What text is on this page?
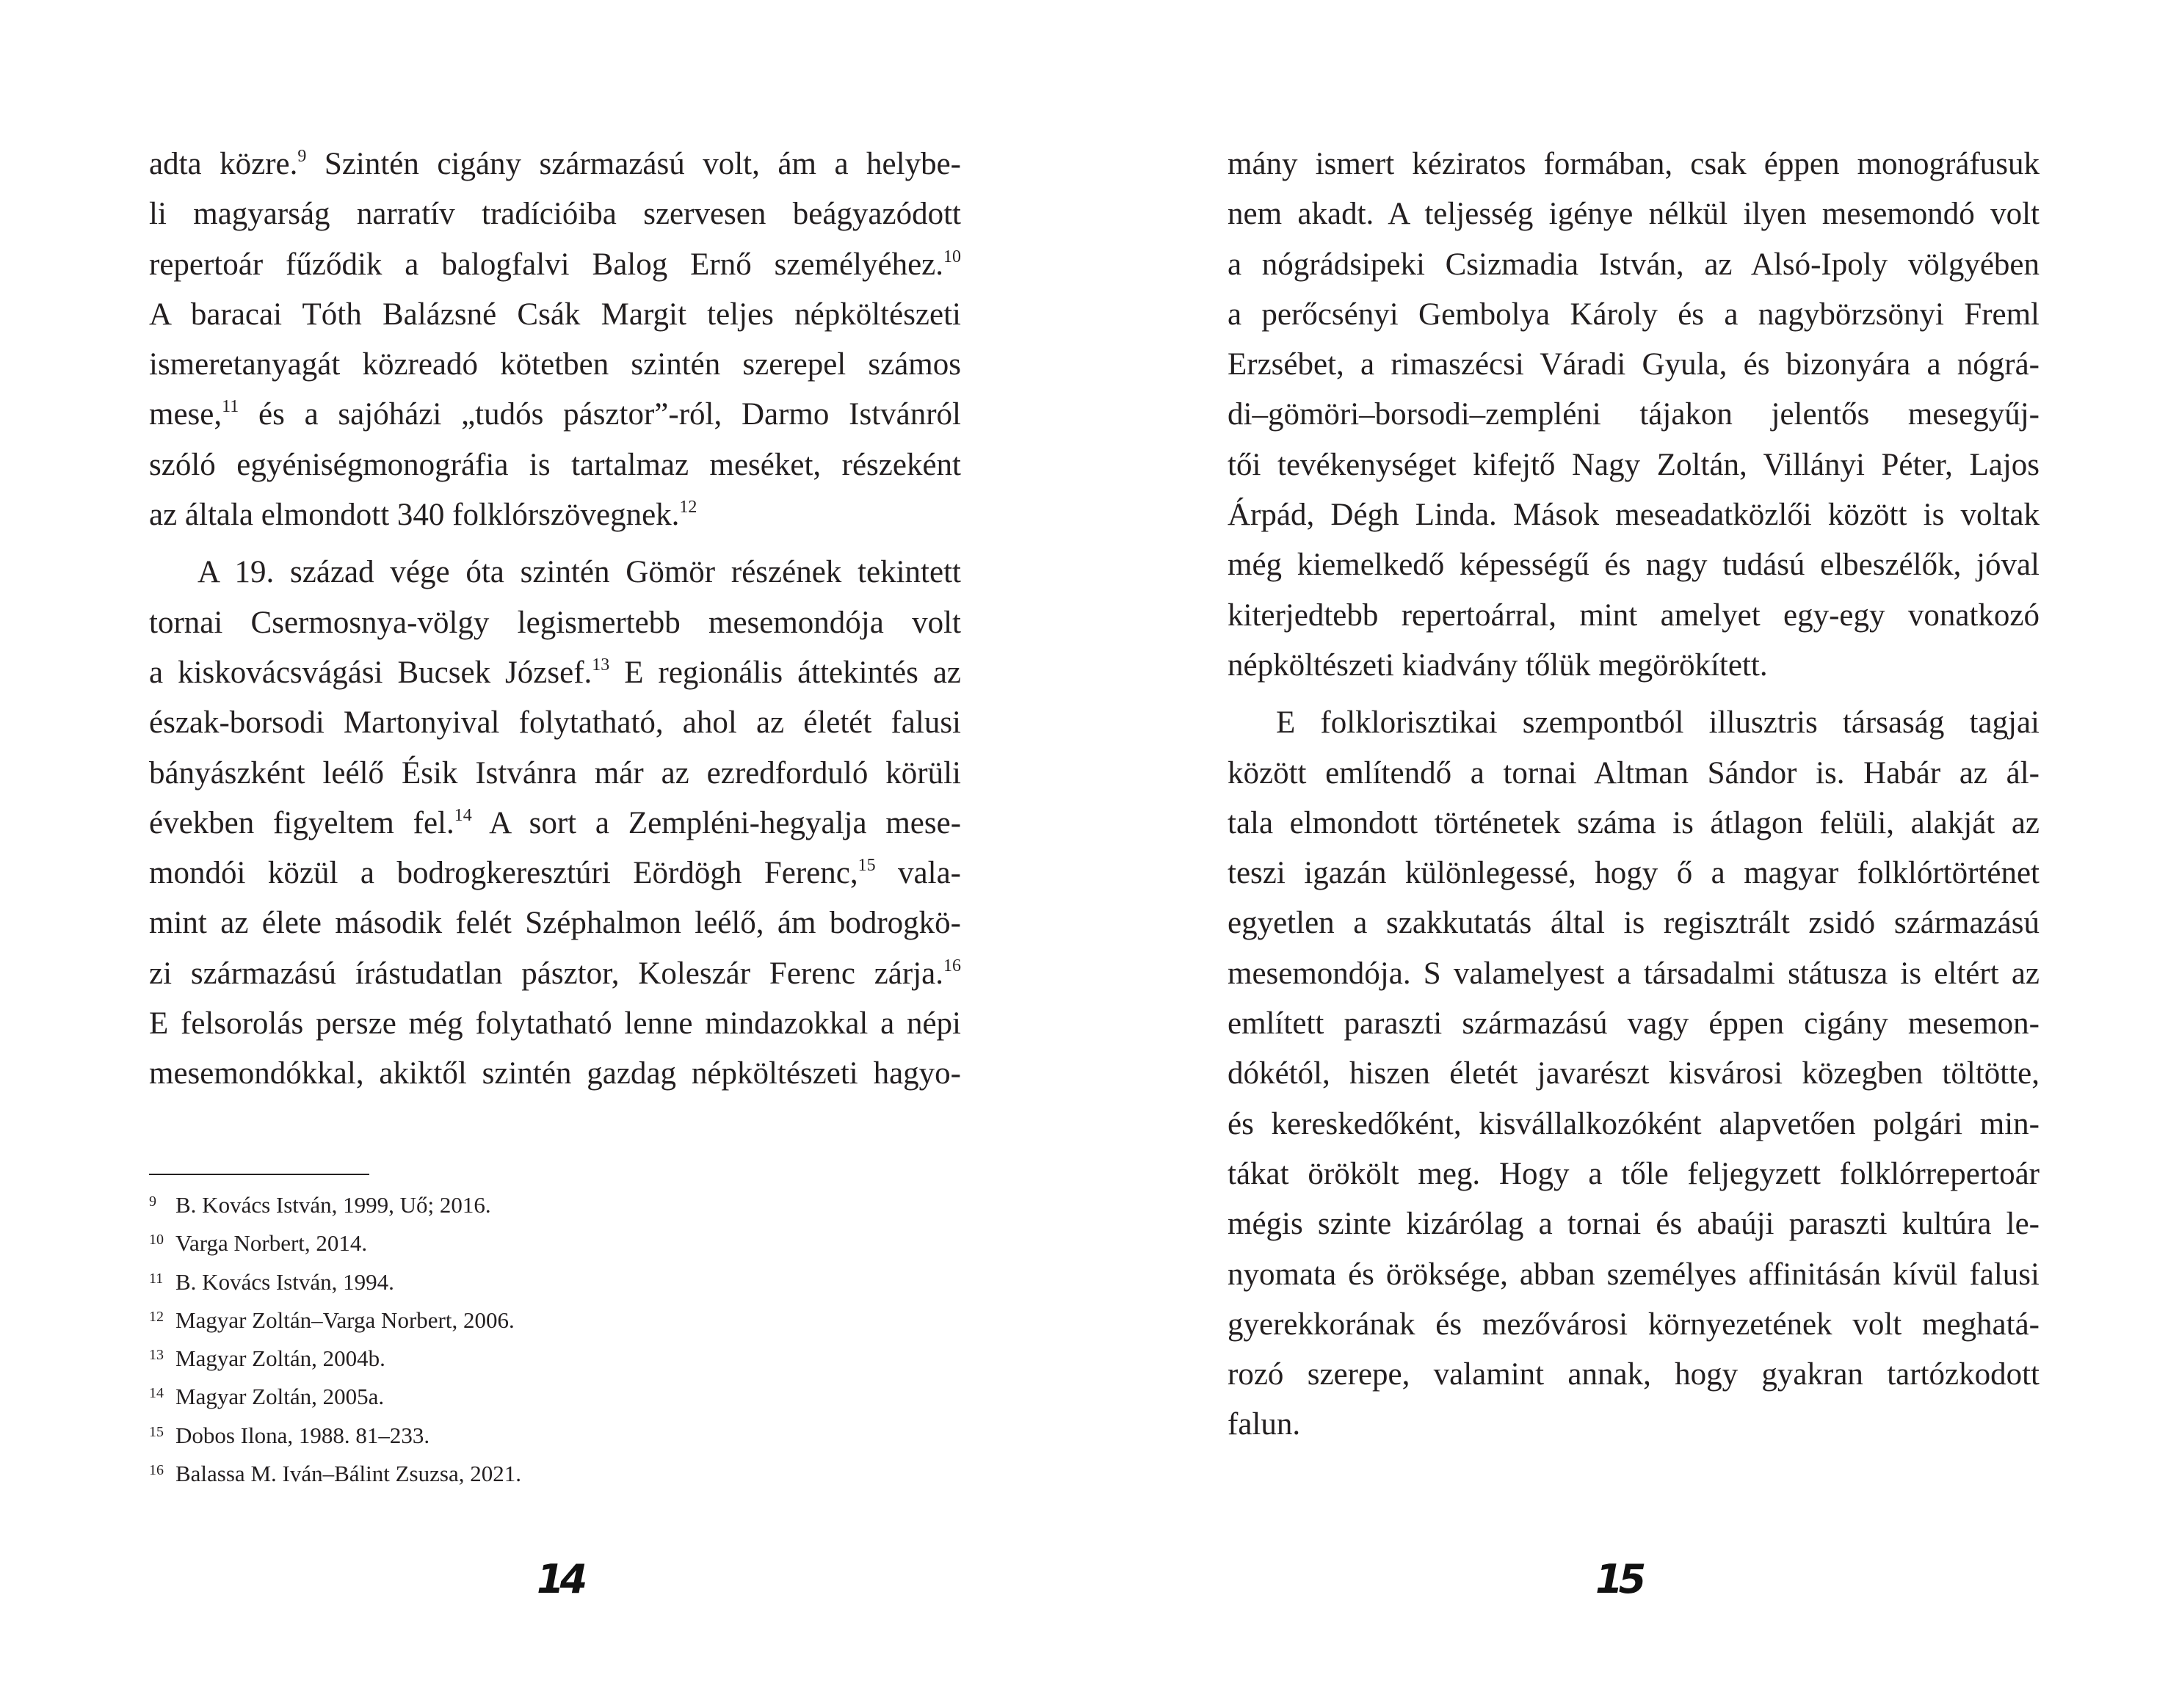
adta közre.$^9$ Szintén cigány származású volt, ám a helybe-
li magyarság narratív tradícióiba szervesen beágyazódott
repertoár fűződik a balogfalvi Balog Ernő személyéhez.$^{10}$
A baracai Tóth Balázsné Csák Margit teljes népköltészeti
ismeretanyagát közreadó kötetben szintén szerepel számos
mese,$^{11}$ és a sajóházi „tudós pásztor”-ról, Darmo Istvánról
szóló egyéniségmonográfia is tartalmaz meséket, részeként
az általa elmondott 340 folklórszövegnek.$^{12}$
A 19. század vége óta szintén Gömör részének tekintett
tornai Csermosnya-völgy legismertebb mesemondója volt
a kiskovácsvágási Bucsek József.$^{13}$ E regionális áttekintés az
észak-borsodi Martonyival folytatható, ahol az életét falusi
bányászként leélő Ésik Istvánra már az ezredforduló körüli
években figyeltem fel.$^{14}$ A sort a Zempléni-hegyalja mese-
mondói közül a bodrogkeresztúri Eördögh Ferenc,$^{15}$ vala-
mint az élete második felét Széphalmon leélő, ám bodrogkö-
zi származású írástudatlan pásztor, Koleszár Ferenc zárja.$^{16}$
E felsorolás persze még folytatható lenne mindazokkal a népi
mesemondókkal, akiktől szintén gazdag népköltészeti hagyo-
9 B. Kovács István, 1999, Uő; 2016.
10 Varga Norbert, 2014.
11 B. Kovács István, 1994.
12 Magyar Zoltán–Varga Norbert, 2006.
13 Magyar Zoltán, 2004b.
14 Magyar Zoltán, 2005a.
15 Dobos Ilona, 1988. 81–233.
16 Balassa M. Iván–Bálint Zsuzsa, 2021.
14
mány ismert kéziratos formában, csak éppen monográfusuk
nem akadt. A teljesség igénye nélkül ilyen mesemondó volt
a nógrádsipeki Csizmadia István, az Alsó-Ipoly völgyében
a perőcsényi Gembolya Károly és a nagybörzsönyi Freml
Erzsébet, a rimaszécsi Váradi Gyula, és bizonyára a nógrá-
di–gömöri–borsodi–zempléni tájakon jelentős mesegyűj-
tői tevékenységet kifejtő Nagy Zoltán, Villányi Péter, Lajos
Árpád, Dégh Linda. Mások meseadatközlői között is voltak
még kiemelkedő képességű és nagy tudású elbeszélők, jóval
kiterjedtebb repertoárral, mint amelyet egy-egy vonatkozó
népköltészeti kiadvány tőlük megörökített.
E folklorisztikai szempontból illusztris társaság tagjai
között említendő a tornai Altman Sándor is. Habár az ál-
tala elmondott történetek száma is átlagon felüli, alakját az
teszi igazán különlegessé, hogy ő a magyar folklórtörténet
egyetlen a szakkutatás által is regisztrált zsidó származású
mesemondója. S valamelyest a társadalmi státusza is eltért az
említett paraszti származású vagy éppen cigány mesemon-
dókétól, hiszen életét javarészt kisvárosi közegben töltötte,
és kereskedőként, kisvállalkozóként alapvetően polgári min-
tákat örökölt meg. Hogy a tőle feljegyzett folklórrepertoár
mégis szinte kizárólag a tornai és abaúji paraszti kultúra le-
nyomata és öröksége, abban személyes affinitásán kívül falusi
gyerekkorának és mezővárosi környezetének volt meghatá-
rozó szerepe, valamint annak, hogy gyakran tartózkodott
falun.
15
